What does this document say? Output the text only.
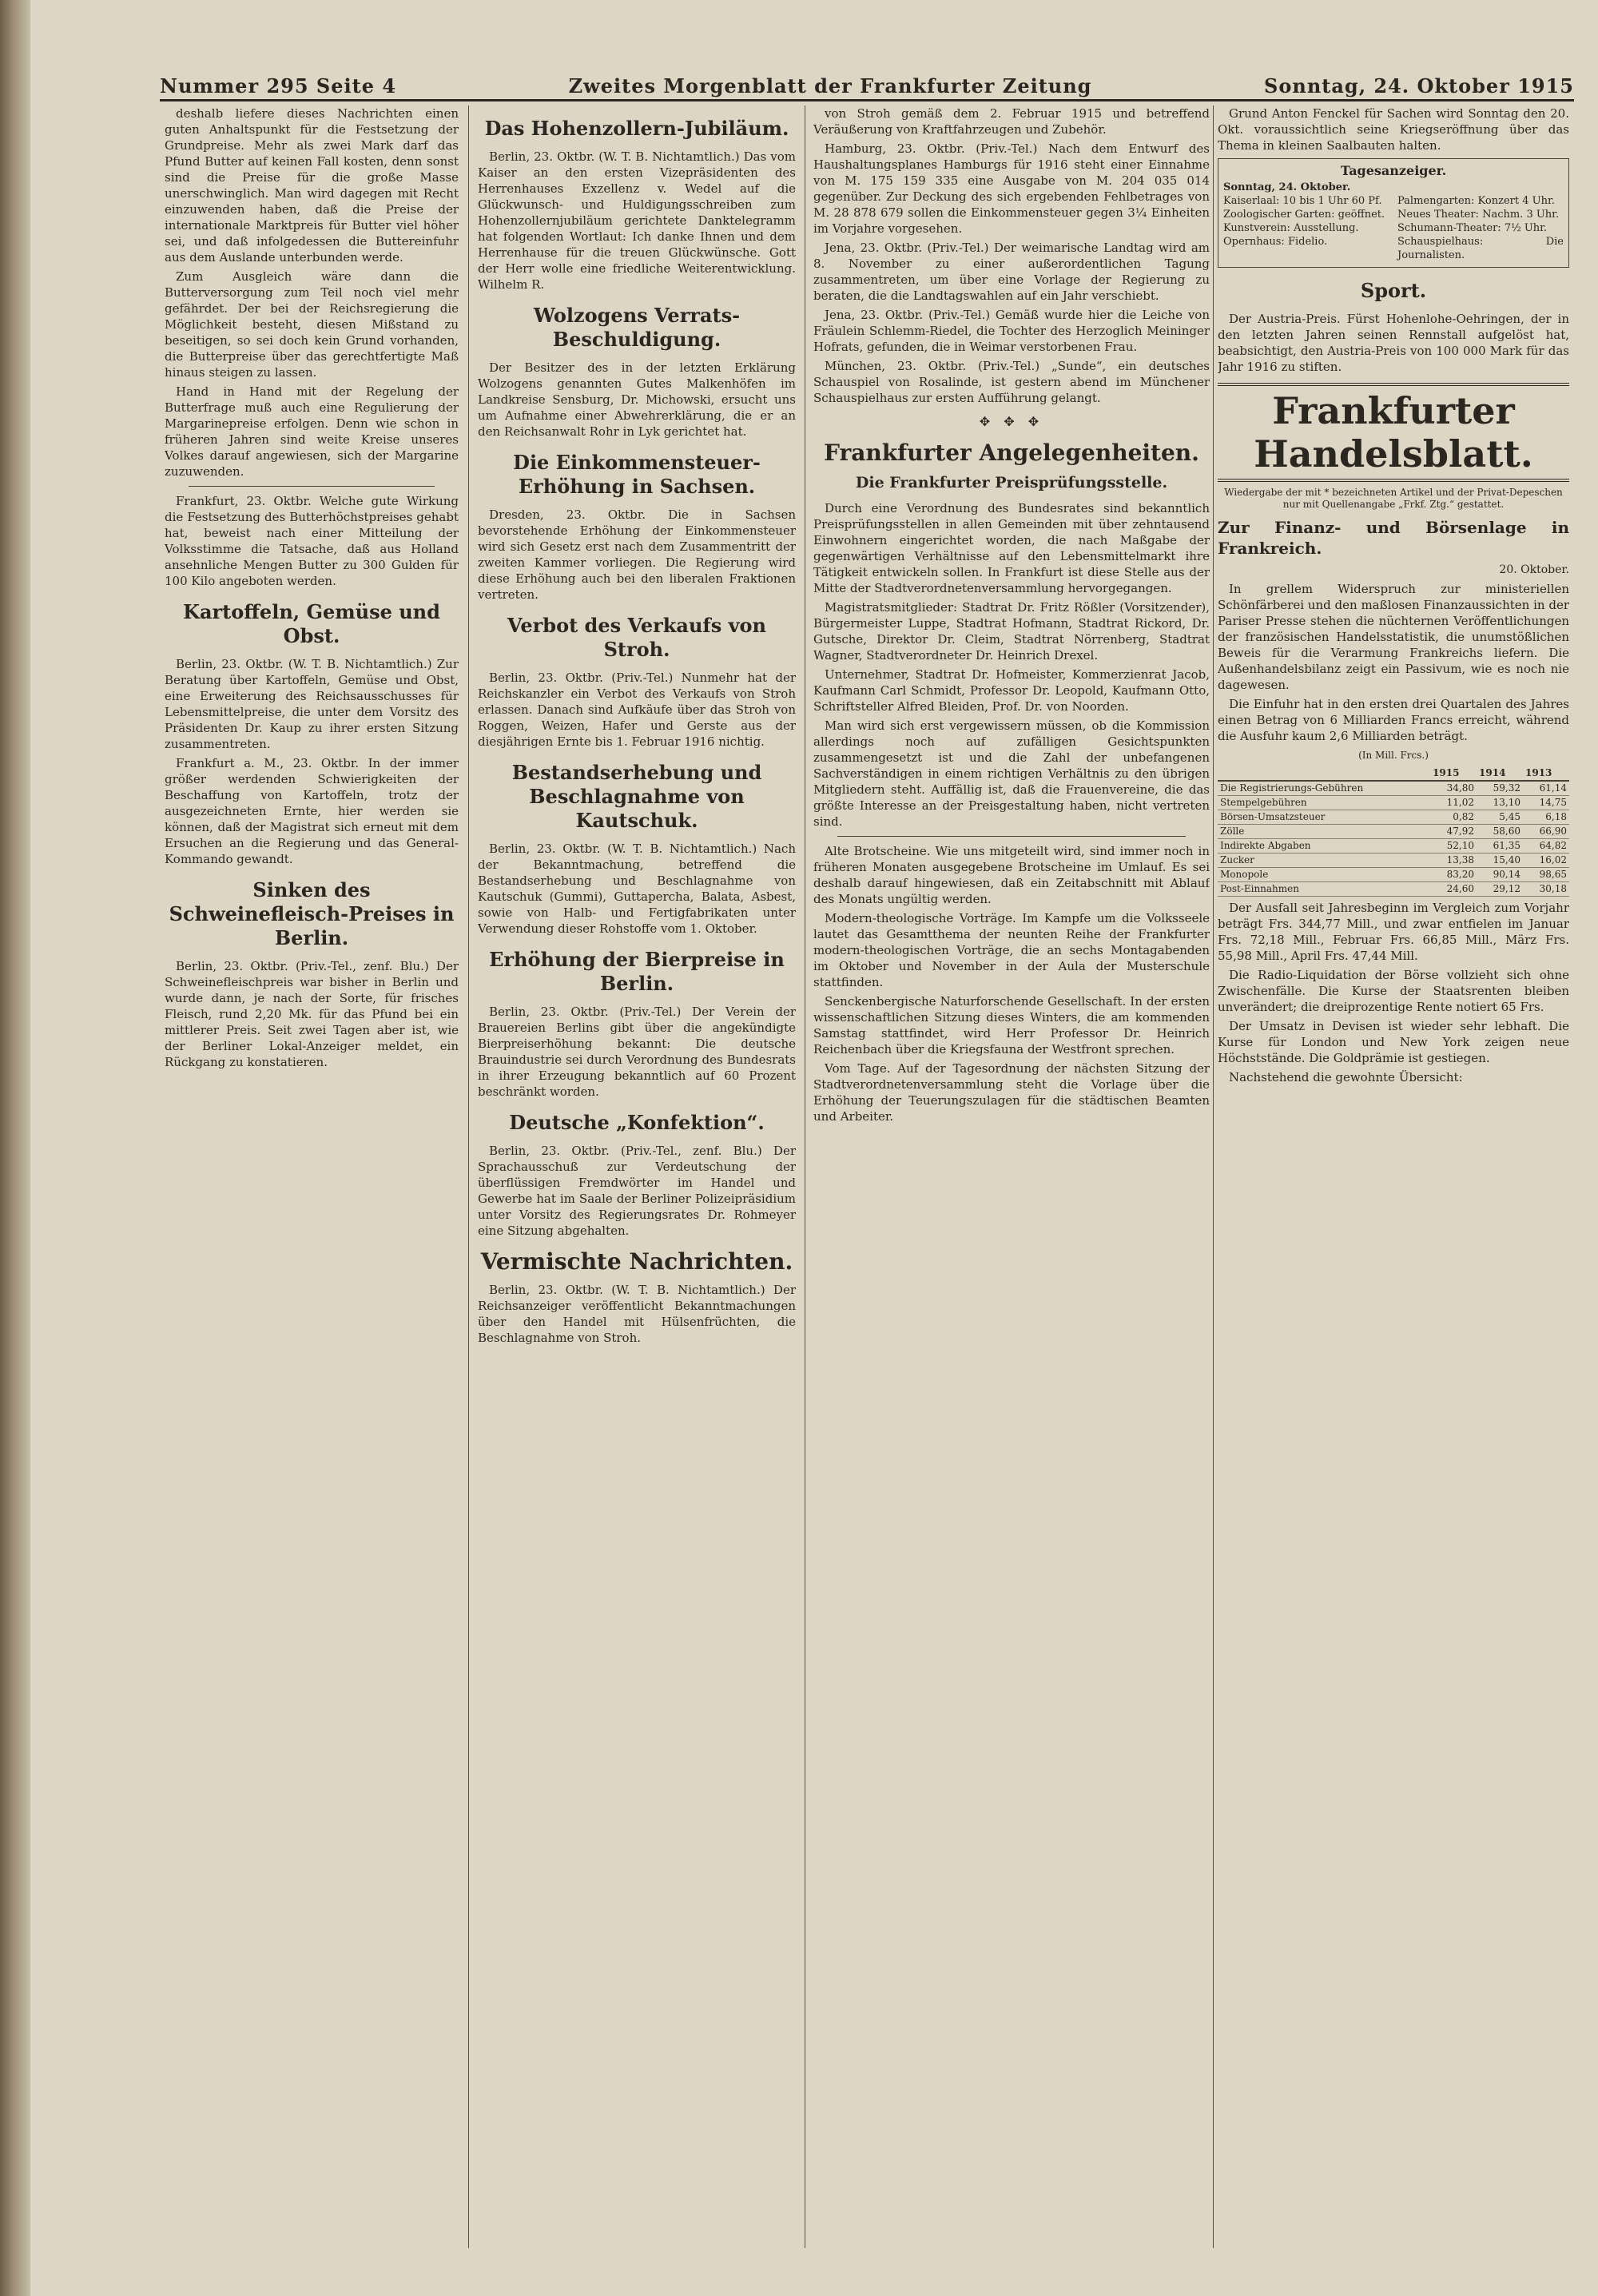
Nummer 295 Seite 4	Zweites Morgenblatt der Frankfurter Zeitung	Sonntag, 24. Oktober 1915

deshalb liefere dieses Nachrichten einen guten Anhaltspunkt für die Festsetzung der Grundpreise. Mehr als zwei Mark darf das Pfund Butter auf keinen Fall kosten, denn sonst sind die Preise für die große Masse unerschwinglich. Man wird dagegen mit Recht einzuwenden haben, daß die Preise der internationale Marktpreis für Butter viel höher sei, und daß infolgedessen die Buttereinfuhr aus dem Auslande unterbunden werde.

Zum Ausgleich wäre dann die Butterversorgung zum Teil noch viel mehr gefährdet. Der bei der Reichsregierung die Möglichkeit besteht, diesen Mißstand zu beseitigen, so sei doch kein Grund vorhanden, die Butterpreise über das gerechtfertigte Maß hinaus steigen zu lassen.

Hand in Hand mit der Regelung der Butterfrage muß auch eine Regulierung der Margarinepreise erfolgen. Denn wie schon in früheren Jahren sind weite Kreise unseres Volkes darauf angewiesen, sich der Margarine zuzuwenden.

Frankfurt, 23. Oktbr. Welche gute Wirkung die Festsetzung des Butterhöchstpreises gehabt hat, beweist nach einer Mitteilung der Volksstimme die Tatsache, daß aus Holland ansehnliche Mengen Butter zu 300 Gulden für 100 Kilo angeboten werden.

Kartoffeln, Gemüse und Obst.

Berlin, 23. Oktbr. (W. T. B. Nichtamtlich.) Zur Beratung über Kartoffeln, Gemüse und Obst, eine Erweiterung des Reichsausschusses für Lebensmittelpreise, die unter dem Vorsitz des Präsidenten Dr. Kaup zu ihrer ersten Sitzung zusammentreten.

Frankfurt a. M., 23. Oktbr. In der immer größer werdenden Schwierigkeiten der Beschaffung von Kartoffeln, trotz der ausgezeichneten Ernte, hier werden sie können, daß der Magistrat sich erneut mit dem Ersuchen an die Regierung und das General-Kommando gewandt.

Sinken des Schweinefleisch-Preises in Berlin.

Berlin, 23. Oktbr. (Priv.-Tel., zenf. Blu.) Der Schweinefleischpreis war bisher in Berlin und wurde dann, je nach der Sorte, für frisches Fleisch, rund 2,20 Mk. für das Pfund bei ein mittlerer Preis. Seit zwei Tagen aber ist, wie der Berliner Lokal-Anzeiger meldet, ein Rückgang zu konstatieren.

Das Hohenzollern-Jubiläum.

Berlin, 23. Oktbr. (W. T. B. Nichtamtlich.) Das vom Kaiser an den ersten Vizepräsidenten des Herrenhauses Exzellenz v. Wedel auf die Glückwunsch- und Huldigungsschreiben zum Hohenzollernjubiläum gerichtete Danktelegramm hat folgenden Wortlaut: Ich danke Ihnen und dem Herrenhause für die treuen Glückwünsche. Gott der Herr wolle eine friedliche Weiterentwicklung. Wilhelm R.

Wolzogens Verrats-Beschuldigung.

Der Besitzer des in der letzten Erklärung Wolzogens genannten Gutes Malkenhöfen im Landkreise Sensburg, Dr. Michowski, ersucht uns um Aufnahme einer Abwehrerklärung, die er an den Reichsanwalt Rohr in Lyk gerichtet hat.

Die Einkommensteuer-Erhöhung in Sachsen.

Dresden, 23. Oktbr. Die in Sachsen bevorstehende Erhöhung der Einkommensteuer wird sich Gesetz erst nach dem Zusammentritt der zweiten Kammer vorliegen. Die Regierung wird diese Erhöhung auch bei den liberalen Fraktionen vertreten.

Verbot des Verkaufs von Stroh.

Berlin, 23. Oktbr. (Priv.-Tel.) Nunmehr hat der Reichskanzler ein Verbot des Verkaufs von Stroh erlassen. Danach sind Aufkäufe über das Stroh von Roggen, Weizen, Hafer und Gerste aus der diesjährigen Ernte bis 1. Februar 1916 nichtig.

Bestandserhebung und Beschlagnahme von Kautschuk.

Berlin, 23. Oktbr. (W. T. B. Nichtamtlich.) Nach der Bekanntmachung, betreffend die Bestandserhebung und Beschlagnahme von Kautschuk (Gummi), Guttapercha, Balata, Asbest, sowie von Halb- und Fertigfabrikaten unter Verwendung dieser Rohstoffe vom 1. Oktober.

Erhöhung der Bierpreise in Berlin.

Berlin, 23. Oktbr. (Priv.-Tel.) Der Verein der Brauereien Berlins gibt über die angekündigte Bierpreiserhöhung bekannt: Die deutsche Brauindustrie sei durch Verordnung des Bundesrats in ihrer Erzeugung bekanntlich auf 60 Prozent beschränkt worden.

Deutsche „Konfektion“.

Berlin, 23. Oktbr. (Priv.-Tel., zenf. Blu.) Der Sprachausschuß zur Verdeutschung der überflüssigen Fremdwörter im Handel und Gewerbe hat im Saale der Berliner Polizeipräsidium unter Vorsitz des Regierungsrates Dr. Rohmeyer eine Sitzung abgehalten.

Vermischte Nachrichten.

Berlin, 23. Oktbr. (W. T. B. Nichtamtlich.) Der Reichsanzeiger veröffentlicht Bekanntmachungen über den Handel mit Hülsenfrüchten, die Beschlagnahme von Stroh.

von Stroh gemäß dem 2. Februar 1915 und betreffend Veräußerung von Kraftfahrzeugen und Zubehör.

Hamburg, 23. Oktbr. (Priv.-Tel.) Nach dem Entwurf des Haushaltungsplanes Hamburgs für 1916 steht einer Einnahme von M. 175 159 335 eine Ausgabe von M. 204 035 014 gegenüber. Zur Deckung des sich ergebenden Fehlbetrages von M. 28 878 679 sollen die Einkommensteuer gegen 3¼ Einheiten im Vorjahre vorgesehen.

Jena, 23. Oktbr. (Priv.-Tel.) Der weimarische Landtag wird am 8. November zu einer außerordentlichen Tagung zusammentreten, um über eine Vorlage der Regierung zu beraten, die die Landtagswahlen auf ein Jahr verschiebt.

Jena, 23. Oktbr. (Priv.-Tel.) Gemäß wurde hier die Leiche von Fräulein Schlemm-Riedel, die Tochter des Herzoglich Meininger Hofrats, gefunden, die in Weimar verstorbenen Frau.

München, 23. Oktbr. (Priv.-Tel.) „Sunde“, ein deutsches Schauspiel von Rosalinde, ist gestern abend im Münchener Schauspielhaus zur ersten Aufführung gelangt.

✥ ✥ ✥
Frankfurter Angelegenheiten.
Die Frankfurter Preisprüfungsstelle.

Durch eine Verordnung des Bundesrates sind bekanntlich Preisprüfungsstellen in allen Gemeinden mit über zehntausend Einwohnern eingerichtet worden, die nach Maßgabe der gegenwärtigen Verhältnisse auf den Lebensmittelmarkt ihre Tätigkeit entwickeln sollen. In Frankfurt ist diese Stelle aus der Mitte der Stadtverordnetenversammlung hervorgegangen.

Magistratsmitglieder: Stadtrat Dr. Fritz Rößler (Vorsitzender), Bürgermeister Luppe, Stadtrat Hofmann, Stadtrat Rickord, Dr. Gutsche, Direktor Dr. Cleim, Stadtrat Nörrenberg, Stadtrat Wagner, Stadtverordneter Dr. Heinrich Drexel.

Unternehmer, Stadtrat Dr. Hofmeister, Kommerzienrat Jacob, Kaufmann Carl Schmidt, Professor Dr. Leopold, Kaufmann Otto, Schriftsteller Alfred Bleiden, Prof. Dr. von Noorden.

Man wird sich erst vergewissern müssen, ob die Kommission allerdings noch auf zufälligen Gesichtspunkten zusammengesetzt ist und die Zahl der unbefangenen Sachverständigen in einem richtigen Verhältnis zu den übrigen Mitgliedern steht. Auffällig ist, daß die Frauenvereine, die das größte Interesse an der Preisgestaltung haben, nicht vertreten sind.

Alte Brotscheine. Wie uns mitgeteilt wird, sind immer noch in früheren Monaten ausgegebene Brotscheine im Umlauf. Es sei deshalb darauf hingewiesen, daß ein Zeitabschnitt mit Ablauf des Monats ungültig werden.

Modern-theologische Vorträge. Im Kampfe um die Volksseele lautet das Gesamtthema der neunten Reihe der Frankfurter modern-theologischen Vorträge, die an sechs Montagabenden im Oktober und November in der Aula der Musterschule stattfinden.

Senckenbergische Naturforschende Gesellschaft. In der ersten wissenschaftlichen Sitzung dieses Winters, die am kommenden Samstag stattfindet, wird Herr Professor Dr. Heinrich Reichenbach über die Kriegsfauna der Westfront sprechen.

Vom Tage. Auf der Tagesordnung der nächsten Sitzung der Stadtverordnetenversammlung steht die Vorlage über die Erhöhung der Teuerungszulagen für die städtischen Beamten und Arbeiter.

Grund Anton Fenckel für Sachen wird Sonntag den 20. Okt. voraussichtlich seine Kriegseröffnung über das Thema in kleinen Saalbauten halten.

Tagesanzeiger.
Sonntag, 24. Oktober.
Kaiserlaal: 10 bis 1 Uhr 60 Pf.	Palmengarten: Konzert 4 Uhr.
Zoologischer Garten: geöffnet.	Neues Theater: Nachm. 3 Uhr.
Kunstverein: Ausstellung.	Schumann-Theater: 7½ Uhr.
Opernhaus: Fidelio.	Schauspielhaus: Die Journalisten.
Sport.

Der Austria-Preis. Fürst Hohenlohe-Oehringen, der in den letzten Jahren seinen Rennstall aufgelöst hat, beabsichtigt, den Austria-Preis von 100 000 Mark für das Jahr 1916 zu stiften.

Frankfurter Handelsblatt.
Wiedergabe der mit * bezeichneten Artikel und der Privat-Depeschen nur mit Quellenangabe „Frkf. Ztg.“ gestattet.
Zur Finanz- und Börsenlage in Frankreich.
20. Oktober.

In grellem Widerspruch zur ministeriellen Schönfärberei und den maßlosen Finanzaussichten in der Pariser Presse stehen die nüchternen Veröffentlichungen der französischen Handelsstatistik, die unumstößlichen Beweis für die Verarmung Frankreichs liefern. Die Außenhandelsbilanz zeigt ein Passivum, wie es noch nie dagewesen.

Die Einfuhr hat in den ersten drei Quartalen des Jahres einen Betrag von 6 Milliarden Francs erreicht, während die Ausfuhr kaum 2,6 Milliarden beträgt.

(In Mill. Frcs.)
	1915	1914	1913
Die Registrierungs-Gebühren	34,80	59,32	61,14
Stempelgebühren	11,02	13,10	14,75
Börsen-Umsatzsteuer	0,82	5,45	6,18
Zölle	47,92	58,60	66,90
Indirekte Abgaben	52,10	61,35	64,82
Zucker	13,38	15,40	16,02
Monopole	83,20	90,14	98,65
Post-Einnahmen	24,60	29,12	30,18

Der Ausfall seit Jahresbeginn im Vergleich zum Vorjahr beträgt Frs. 344,77 Mill., und zwar entfielen im Januar Frs. 72,18 Mill., Februar Frs. 66,85 Mill., März Frs. 55,98 Mill., April Frs. 47,44 Mill.

Die Radio-Liquidation der Börse vollzieht sich ohne Zwischenfälle. Die Kurse der Staatsrenten bleiben unverändert; die dreiprozentige Rente notiert 65 Frs.

Der Umsatz in Devisen ist wieder sehr lebhaft. Die Kurse für London und New York zeigen neue Höchststände. Die Goldprämie ist gestiegen.

Nachstehend die gewohnte Übersicht:
